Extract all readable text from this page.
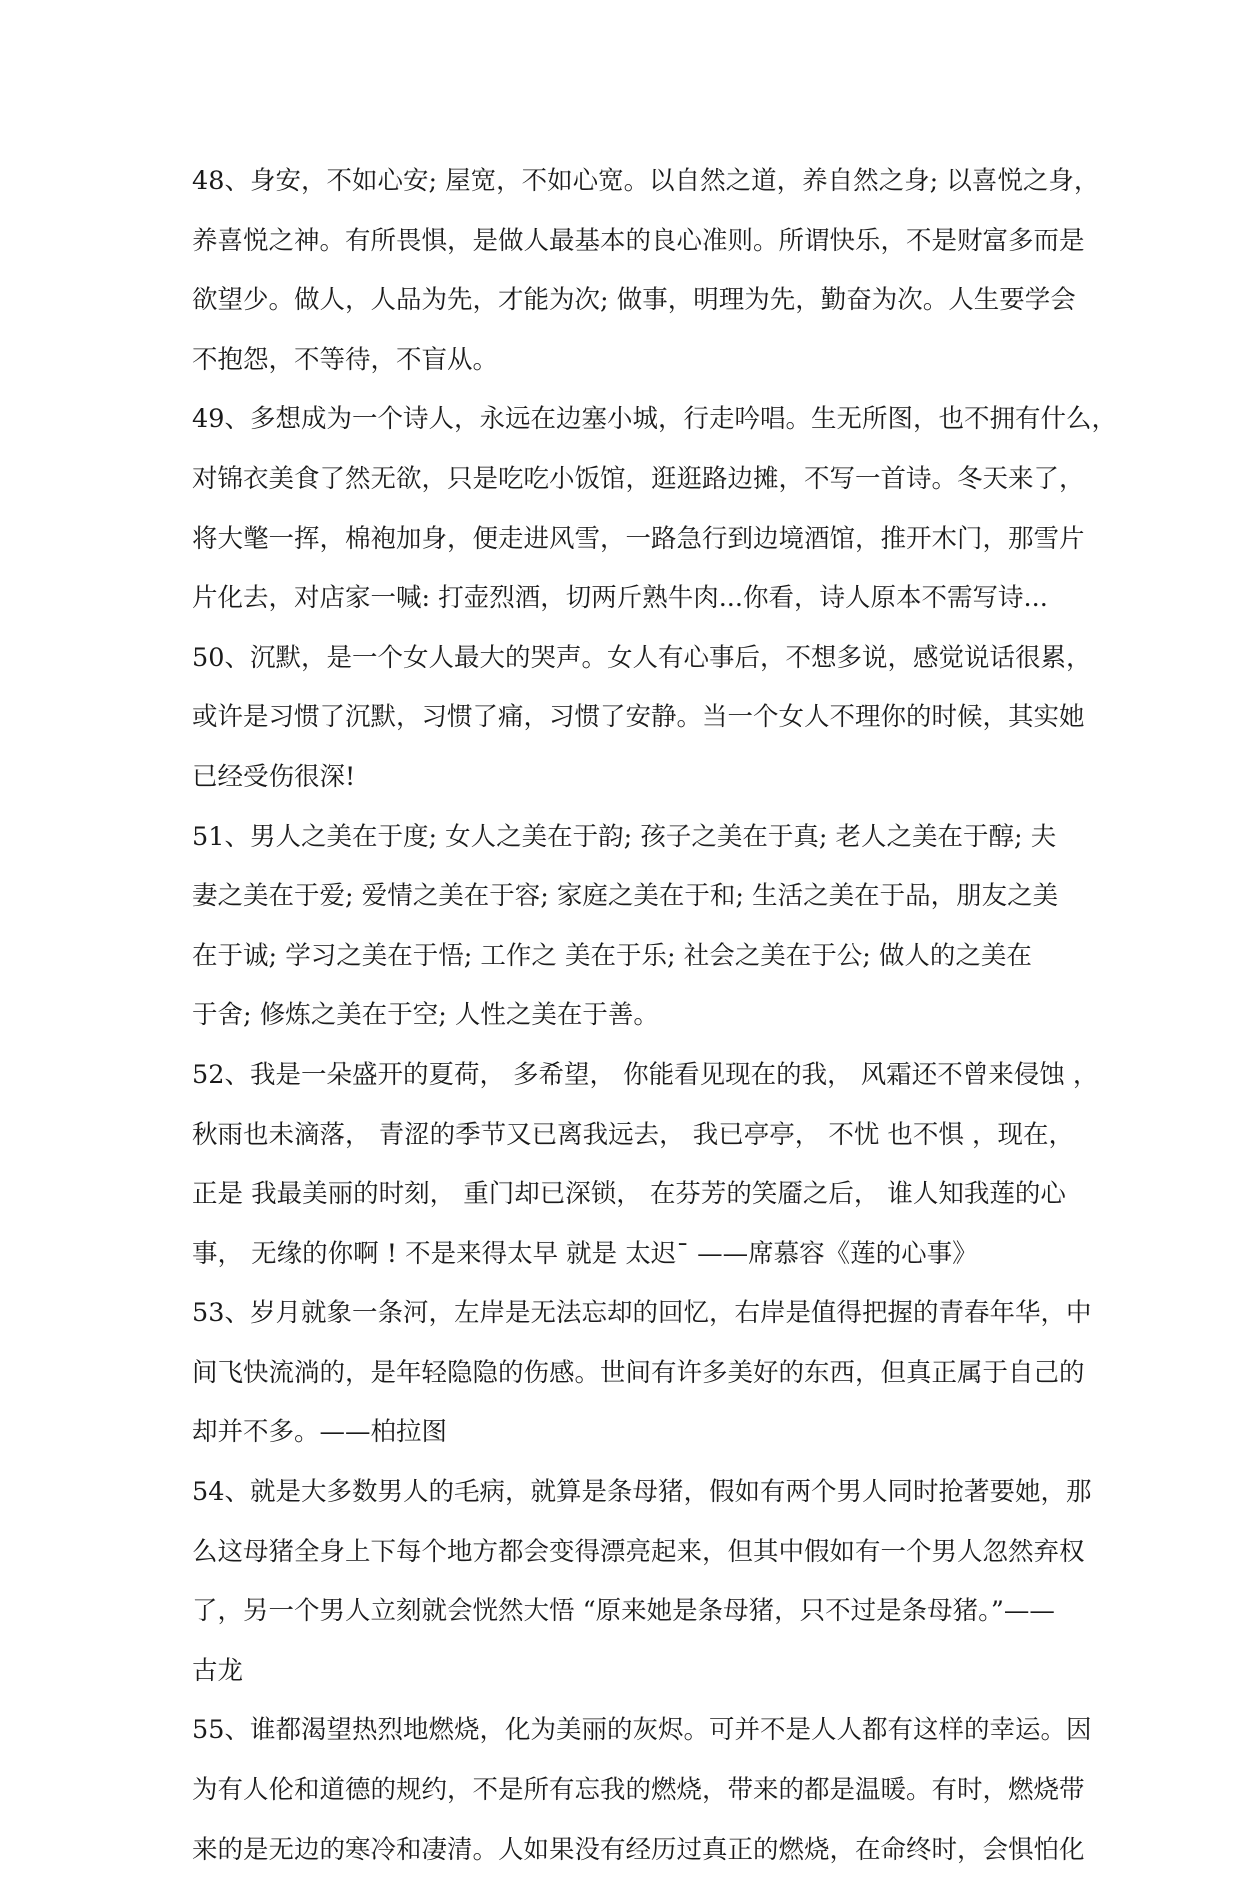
48、身安，不如心安; 屋宽，不如心宽。以自然之道，养自然之身; 以喜悦之身，
养喜悦之神。有所畏惧，是做人最基本的良心准则。所谓快乐，不是财富多而是
欲望少。做人，人品为先，才能为次; 做事，明理为先，勤奋为次。人生要学会
不抱怨，不等待，不盲从。
49、多想成为一个诗人，永远在边塞小城，行走吟唱。生无所图，也不拥有什么，
对锦衣美食了然无欲，只是吃吃小饭馆，逛逛路边摊，不写一首诗。冬天来了，
将大氅一挥，棉袍加身，便走进风雪，一路急行到边境酒馆，推开木门，那雪片
片化去，对店家一喊: 打壶烈酒，切两斤熟牛肉...你看，诗人原本不需写诗...
50、沉默，是一个女人最大的哭声。女人有心事后，不想多说，感觉说话很累，
或许是习惯了沉默，习惯了痛，习惯了安静。当一个女人不理你的时候，其实她
已经受伤很深!
51、男人之美在于度; 女人之美在于韵; 孩子之美在于真; 老人之美在于醇; 夫
妻之美在于爱; 爱情之美在于容; 家庭之美在于和; 生活之美在于品，朋友之美
在于诚; 学习之美在于悟; 工作之 美在于乐; 社会之美在于公; 做人的之美在
于舍; 修炼之美在于空; 人性之美在于善。
52、我是一朵盛开的夏荷， 多希望， 你能看见现在的我， 风霜还不曾来侵蚀 ，
秋雨也未滴落， 青涩的季节又已离我远去， 我已亭亭， 不忧 也不惧 ，现在，
正是 我最美丽的时刻， 重门却已深锁， 在芬芳的笑靥之后， 谁人知我莲的心
事， 无缘的你啊 ! 不是来得太早 就是 太迟¯ ——席慕容《莲的心事》
53、岁月就象一条河，左岸是无法忘却的回忆，右岸是值得把握的青春年华，中
间飞快流淌的，是年轻隐隐的伤感。世间有许多美好的东西，但真正属于自己的
却并不多。——柏拉图
54、就是大多数男人的毛病，就算是条母猪，假如有两个男人同时抢著要她，那
么这母猪全身上下每个地方都会变得漂亮起来，但其中假如有一个男人忽然弃权
了，另一个男人立刻就会恍然大悟 “原来她是条母猪，只不过是条母猪。”——
古龙
55、谁都渴望热烈地燃烧，化为美丽的灰烬。可并不是人人都有这样的幸运。因
为有人伦和道德的规约，不是所有忘我的燃烧，带来的都是温暖。有时，燃烧带
来的是无边的寒冷和凄清。人如果没有经历过真正的燃烧，在命终时，会惧怕化
